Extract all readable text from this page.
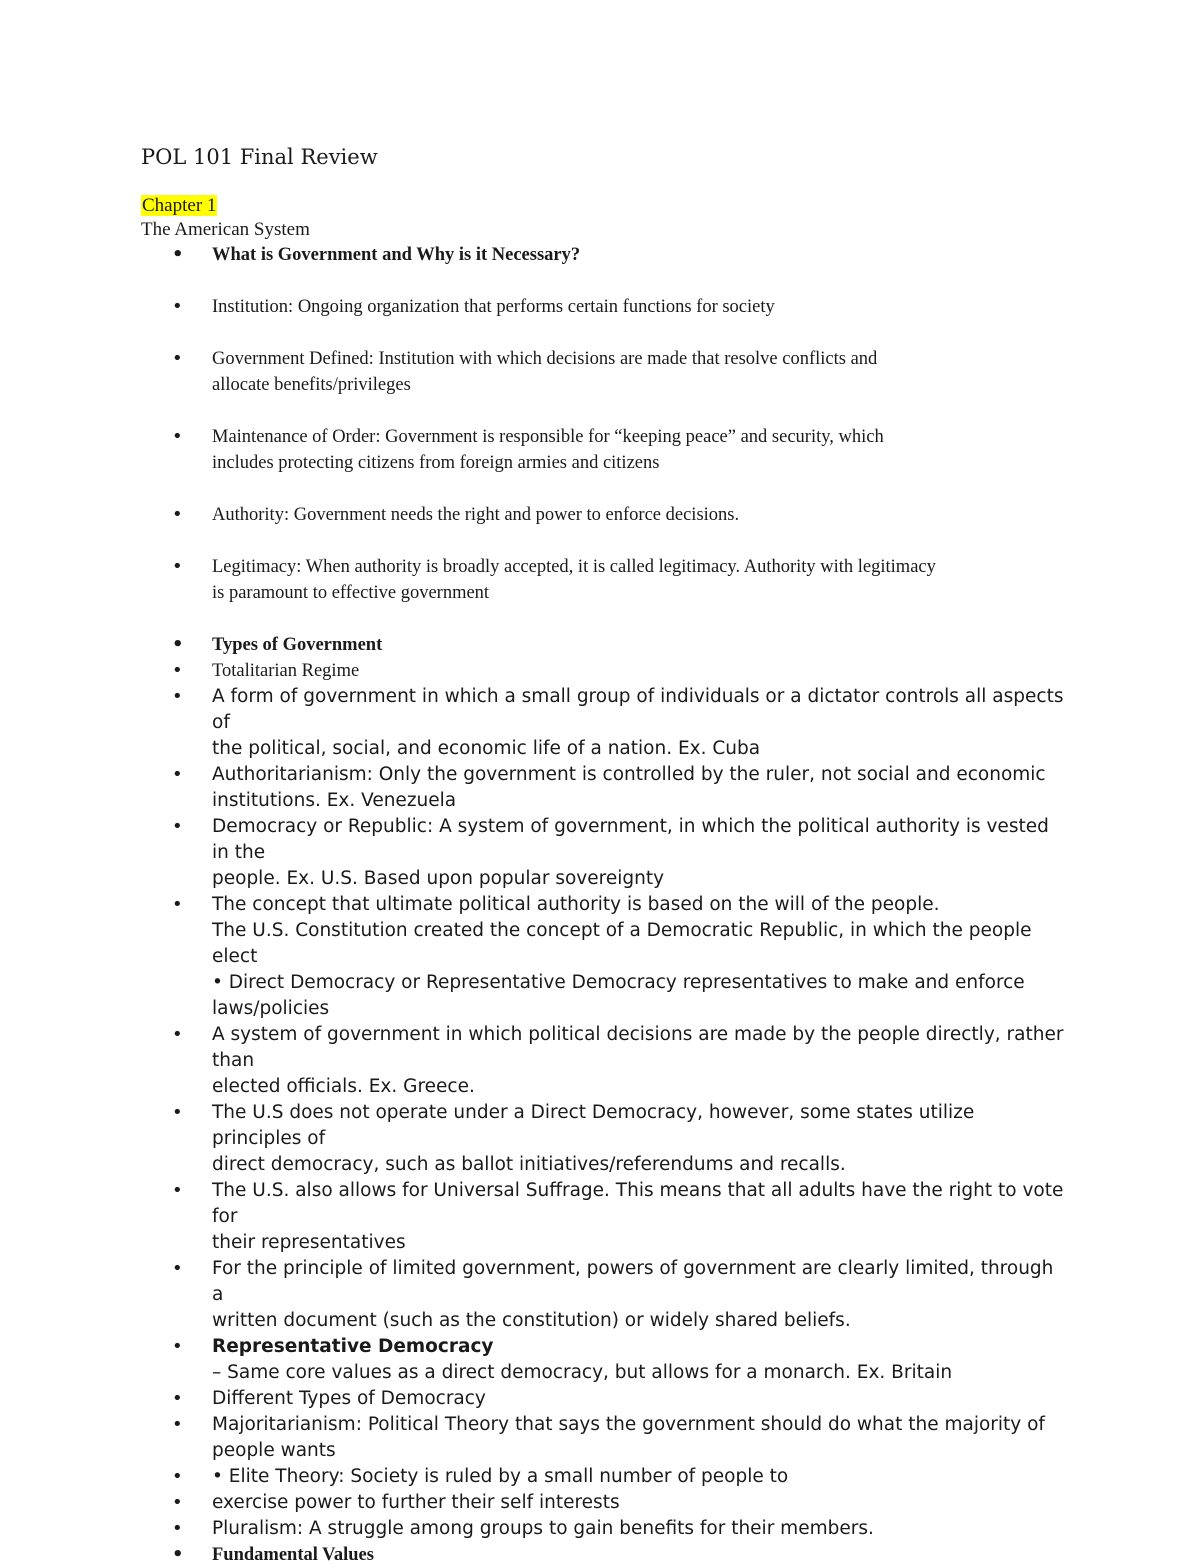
POL 101 Final Review
Chapter 1
The American System
• What is Government and Why is it Necessary?
• Institution: Ongoing organization that performs certain functions for society
• Government Defined: Institution with which decisions are made that resolve conflicts and
allocate benefits/privileges
• Maintenance of Order: Government is responsible for “keeping peace” and security, which
includes protecting citizens from foreign armies and citizens
• Authority: Government needs the right and power to enforce decisions.
• Legitimacy: When authority is broadly accepted, it is called legitimacy. Authority with legitimacy
is paramount to effective government
• Types of Government
• Totalitarian Regime
• A form of government in which a small group of individuals or a dictator controls all aspects of
the political, social, and economic life of a nation. Ex. Cuba
• Authoritarianism: Only the government is controlled by the ruler, not social and economic
institutions. Ex. Venezuela
• Democracy or Republic: A system of government, in which the political authority is vested in the
people. Ex. U.S. Based upon popular sovereignty
• The concept that ultimate political authority is based on the will of the people.
The U.S. Constitution created the concept of a Democratic Republic, in which the people elect
• Direct Democracy or Representative Democracy representatives to make and enforce
laws/policies
• A system of government in which political decisions are made by the people directly, rather than
elected officials. Ex. Greece.
• The U.S does not operate under a Direct Democracy, however, some states utilize principles of
direct democracy, such as ballot initiatives/referendums and recalls.
• The U.S. also allows for Universal Suffrage. This means that all adults have the right to vote for
their representatives
• For the principle of limited government, powers of government are clearly limited, through a
written document (such as the constitution) or widely shared beliefs.
• Representative Democracy
– Same core values as a direct democracy, but allows for a monarch. Ex. Britain
• Different Types of Democracy
• Majoritarianism: Political Theory that says the government should do what the majority of
people wants
• • Elite Theory: Society is ruled by a small number of people to
• exercise power to further their self interests
• Pluralism: A struggle among groups to gain benefits for their members.
• Fundamental Values
